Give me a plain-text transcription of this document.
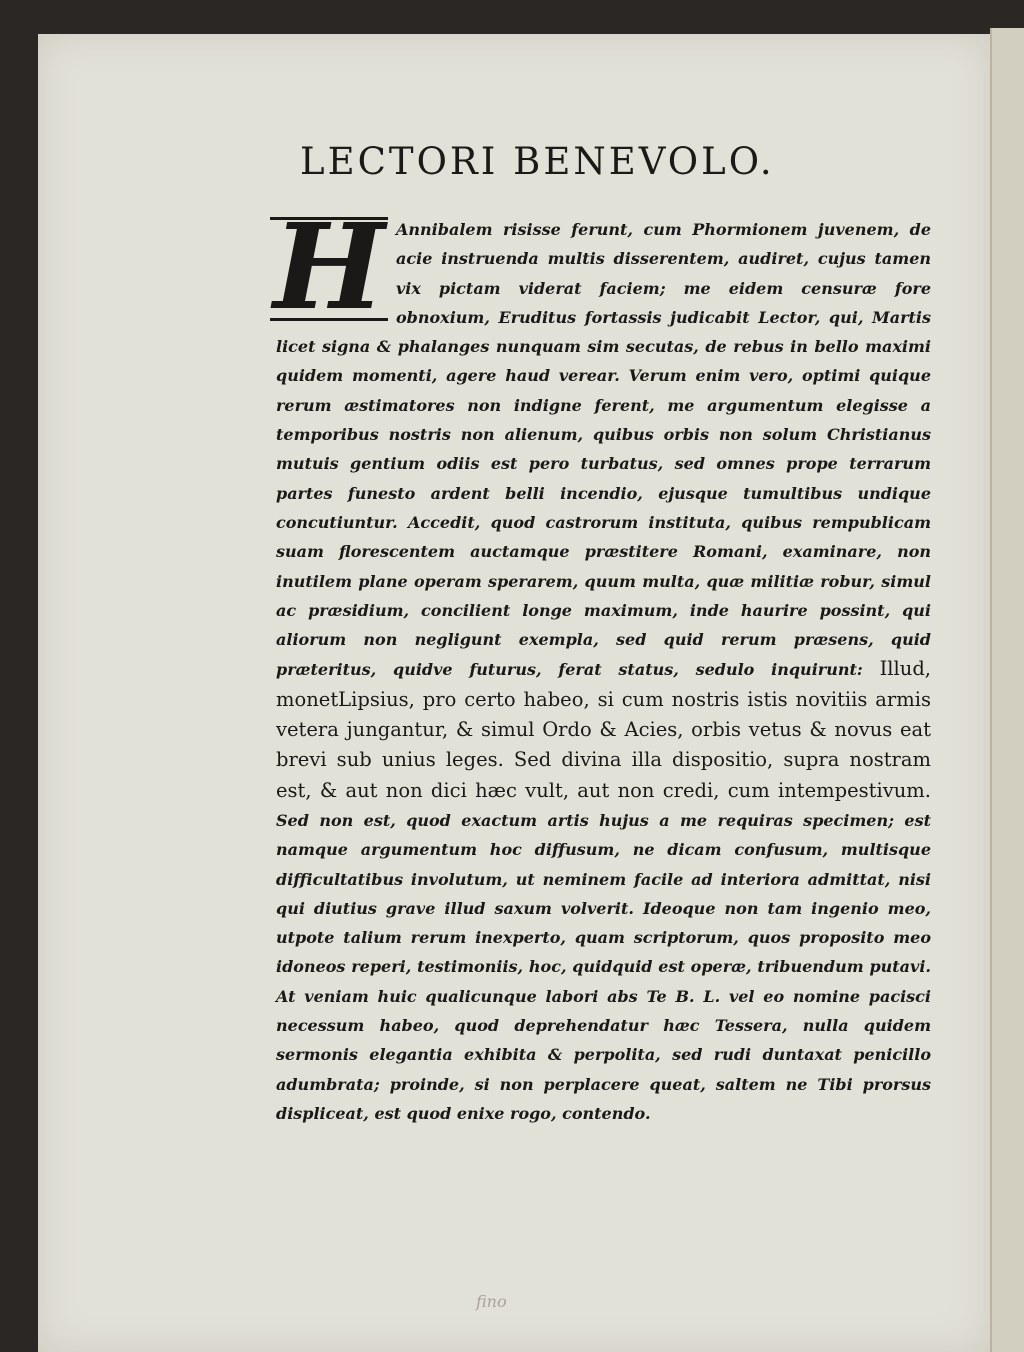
LECTORI BENEVOLO.
H Annibalem risisse ferunt, cum Phormionem juvenem, de acie instruenda multis disserentem, audiret, cujus tamen vix pictam viderat faciem; me eidem censuræ fore obnoxium, Eruditus fortassis judicabit Lector, qui, Martis licet signa & phalanges nunquam sim secutas, de rebus in bello maximi quidem momenti, agere haud verear. Verum enim vero, optimi quique rerum æstimatores non indigne ferent, me argumentum elegisse a temporibus nostris non alienum, quibus orbis non solum Christianus mutuis gentium odiis est pero turbatus, sed omnes prope terrarum partes funesto ardent belli incendio, ejusque tumultibus undique concutiuntur. Accedit, quod castrorum instituta, quibus rempublicam suam florescentem auctamque præstitere Romani, examinare, non inutilem plane operam sperarem, quum multa, quæ militiæ robur, simul ac præsidium, concilient longe maximum, inde haurire possint, qui aliorum non negligunt exempla, sed quid rerum præsens, quid præteritus, quidve futurus, ferat status, sedulo inquirunt: Illud, monetLipsius, pro certo habeo, si cum nostris istis novitiis armis vetera jungantur, & simul Ordo & Acies, orbis vetus & novus eat brevi sub unius leges. Sed divina illa dispositio, supra nostram est, & aut non dici hæc vult, aut non credi, cum intempestivum. Sed non est, quod exactum artis hujus a me requiras specimen; est namque argumentum hoc diffusum, ne dicam confusum, multisque difficultatibus involutum, ut neminem facile ad interiora admittat, nisi qui diutius grave illud saxum volverit. Ideoque non tam ingenio meo, utpote talium rerum inexperto, quam scriptorum, quos proposito meo idoneos reperi, testimoniis, hoc, quidquid est operæ, tribuendum putavi. At veniam huic qualicunque labori abs Te B. L. vel eo nomine pacisci necessum habeo, quod deprehendatur hæc Tessera, nulla quidem sermonis elegantia exhibita & perpolita, sed rudi duntaxat penicillo adumbrata; proinde, si non perplacere queat, saltem ne Tibi prorsus displiceat, est quod enixe rogo, contendo.

fino
